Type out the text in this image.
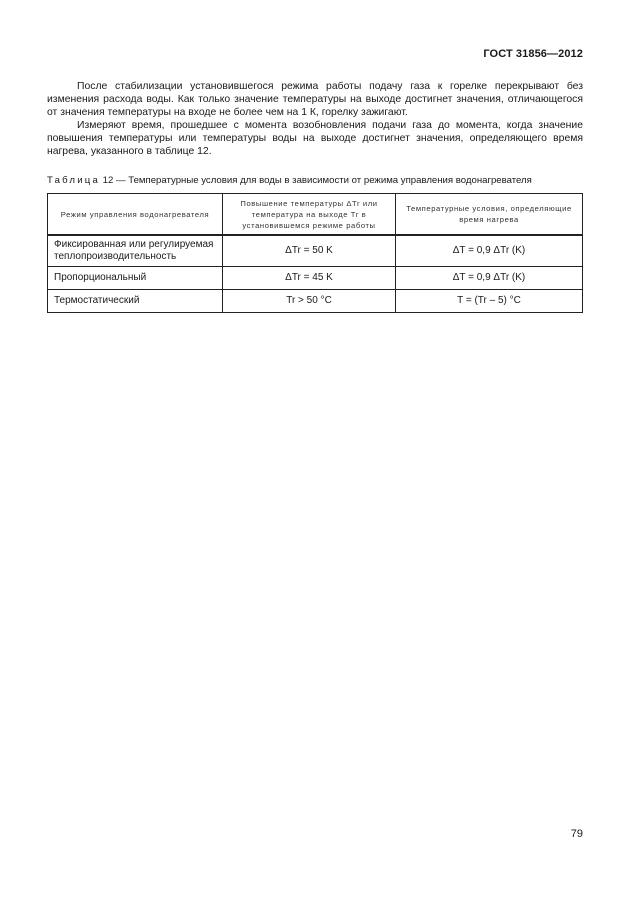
ГОСТ 31856—2012

После стабилизации установившегося режима работы подачу газа к горелке перекрывают без изменения расхода воды. Как только значение температуры на выходе достигнет значения, отличающегося от значения температуры на входе не более чем на 1 К, горелку зажигают.

Измеряют время, прошедшее с момента возобновления подачи газа до момента, когда значение повышения температуры или температуры воды на выходе достигнет значения, определяющего время нагрева, указанного в таблице 12.

Таблица 12 — Температурные условия для воды в зависимости от режима управления водонагревателя
Режим управления водонагревателя	Повышение температуры ΔTr или температура на выходе Tr в установившемся режиме работы	Температурные условия, определяющие время нагрева
Фиксированная или регулируемая теплопроизводительность	ΔTr = 50 K	ΔT = 0,9 ΔTr (K)
Пропорциональный	ΔTr = 45 K	ΔT = 0,9 ΔTr (K)
Термостатический	Tr > 50 °C	T = (Tr – 5) °C
79
